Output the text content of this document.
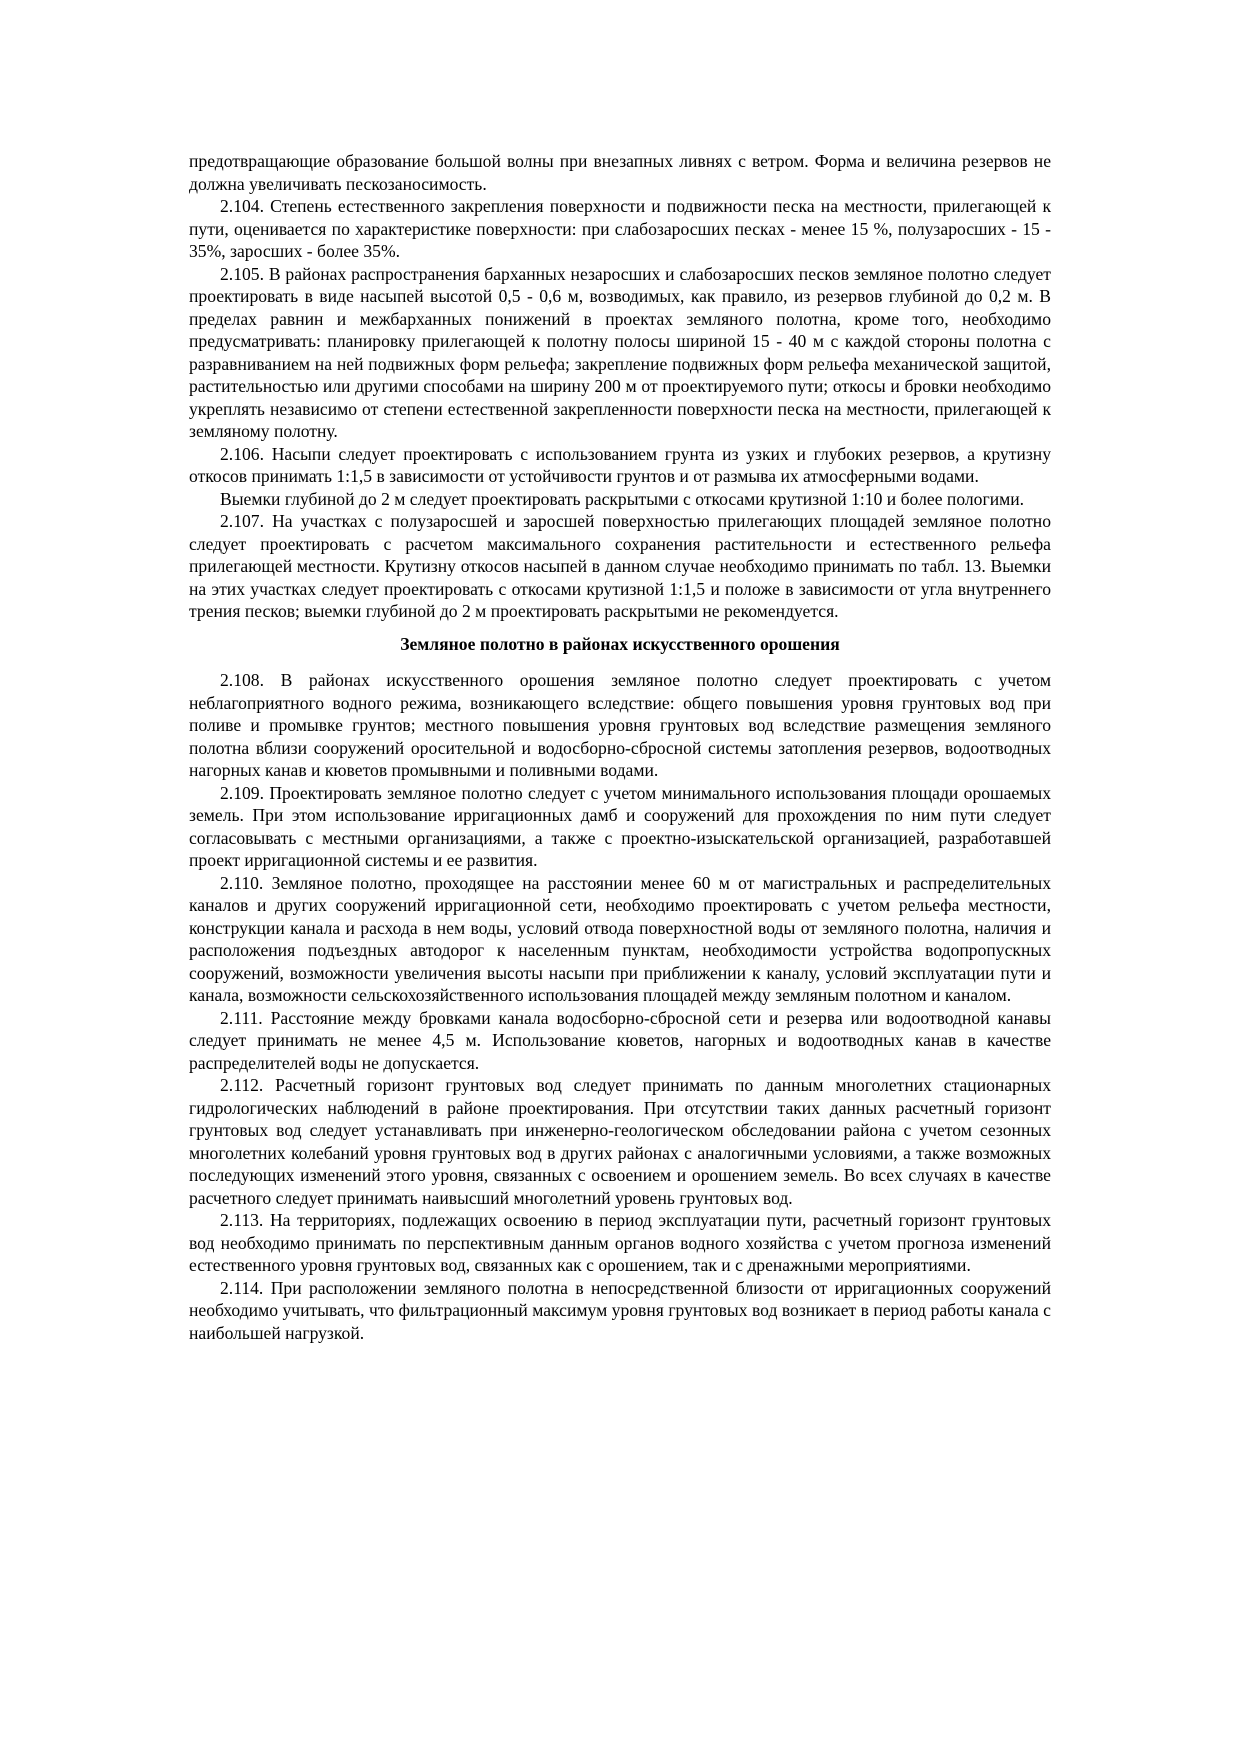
предотвращающие образование большой волны при внезапных ливнях с ветром. Форма и величина резервов не должна увеличивать пескозаносимость.

2.104. Степень естественного закрепления поверхности и подвижности песка на местности, прилегающей к пути, оценивается по характеристике поверхности: при слабозаросших песках - менее 15 %, полузаросших - 15 - 35%, заросших - более 35%.

2.105. В районах распространения барханных незаросших и слабозаросших песков земляное полотно следует проектировать в виде насыпей высотой 0,5 - 0,6 м, возводимых, как правило, из резервов глубиной до 0,2 м. В пределах равнин и межбарханных понижений в проектах земляного полотна, кроме того, необходимо предусматривать: планировку прилегающей к полотну полосы шириной 15 - 40 м с каждой стороны полотна с разравниванием на ней подвижных форм рельефа; закрепление подвижных форм рельефа механической защитой, растительностью или другими способами на ширину 200 м от проектируемого пути; откосы и бровки необходимо укреплять независимо от степени естественной закрепленности поверхности песка на местности, прилегающей к земляному полотну.

2.106. Насыпи следует проектировать с использованием грунта из узких и глубоких резервов, а крутизну откосов принимать 1:1,5 в зависимости от устойчивости грунтов и от размыва их атмосферными водами.

Выемки глубиной до 2 м следует проектировать раскрытыми с откосами крутизной 1:10 и более пологими.

2.107. На участках с полузаросшей и заросшей поверхностью прилегающих площадей земляное полотно следует проектировать с расчетом максимального сохранения растительности и естественного рельефа прилегающей местности. Крутизну откосов насыпей в данном случае необходимо принимать по табл. 13. Выемки на этих участках следует проектировать с откосами крутизной 1:1,5 и положе в зависимости от угла внутреннего трения песков; выемки глубиной до 2 м проектировать раскрытыми не рекомендуется.

Земляное полотно в районах искусственного орошения

2.108. В районах искусственного орошения земляное полотно следует проектировать с учетом неблагоприятного водного режима, возникающего вследствие: общего повышения уровня грунтовых вод при поливе и промывке грунтов; местного повышения уровня грунтовых вод вследствие размещения земляного полотна вблизи сооружений оросительной и водосборно-сбросной системы затопления резервов, водоотводных нагорных канав и кюветов промывными и поливными водами.

2.109. Проектировать земляное полотно следует с учетом минимального использования площади орошаемых земель. При этом использование ирригационных дамб и сооружений для прохождения по ним пути следует согласовывать с местными организациями, а также с проектно-изыскательской организацией, разработавшей проект ирригационной системы и ее развития.

2.110. Земляное полотно, проходящее на расстоянии менее 60 м от магистральных и распределительных каналов и других сооружений ирригационной сети, необходимо проектировать с учетом рельефа местности, конструкции канала и расхода в нем воды, условий отвода поверхностной воды от земляного полотна, наличия и расположения подъездных автодорог к населенным пунктам, необходимости устройства водопропускных сооружений, возможности увеличения высоты насыпи при приближении к каналу, условий эксплуатации пути и канала, возможности сельскохозяйственного использования площадей между земляным полотном и каналом.

2.111. Расстояние между бровками канала водосборно-сбросной сети и резерва или водоотводной канавы следует принимать не менее 4,5 м. Использование кюветов, нагорных и водоотводных канав в качестве распределителей воды не допускается.

2.112. Расчетный горизонт грунтовых вод следует принимать по данным многолетних стационарных гидрологических наблюдений в районе проектирования. При отсутствии таких данных расчетный горизонт грунтовых вод следует устанавливать при инженерно-геологическом обследовании района с учетом сезонных многолетних колебаний уровня грунтовых вод в других районах с аналогичными условиями, а также возможных последующих изменений этого уровня, связанных с освоением и орошением земель. Во всех случаях в качестве расчетного следует принимать наивысший многолетний уровень грунтовых вод.

2.113. На территориях, подлежащих освоению в период эксплуатации пути, расчетный горизонт грунтовых вод необходимо принимать по перспективным данным органов водного хозяйства с учетом прогноза изменений естественного уровня грунтовых вод, связанных как с орошением, так и с дренажными мероприятиями.

2.114. При расположении земляного полотна в непосредственной близости от ирригационных сооружений необходимо учитывать, что фильтрационный максимум уровня грунтовых вод возникает в период работы канала с наибольшей нагрузкой.
